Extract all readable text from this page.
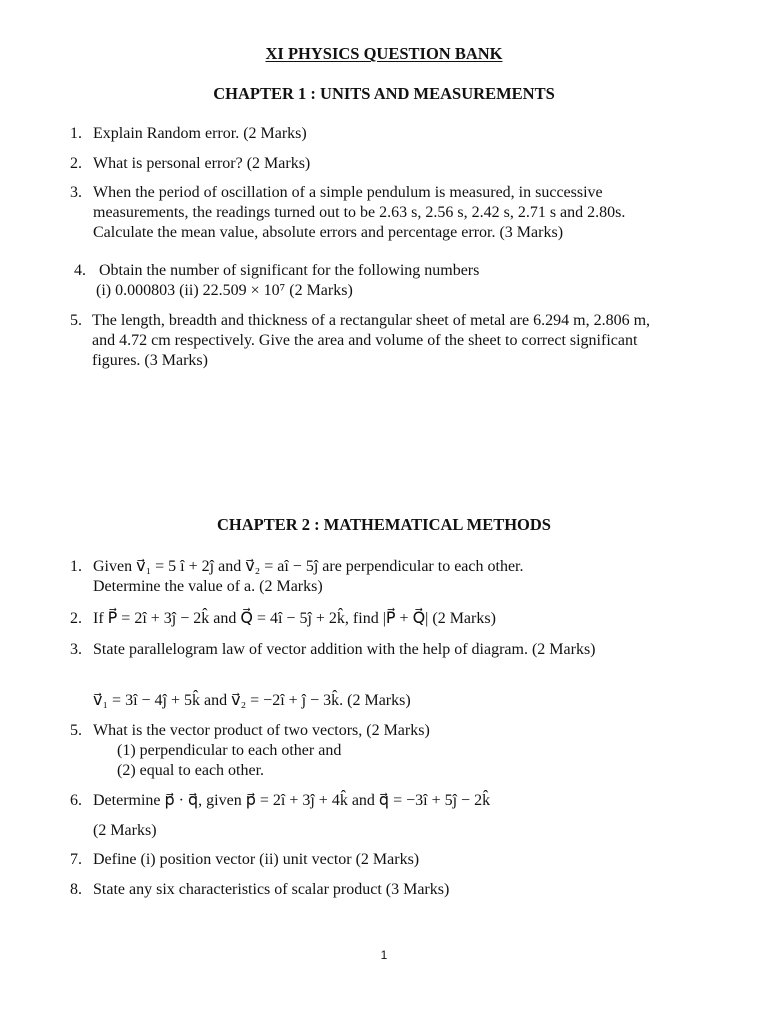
XI PHYSICS QUESTION BANK
CHAPTER 1 : UNITS AND MEASUREMENTS
1. Explain Random error. (2 Marks)
2. What is personal error? (2 Marks)
3. When the period of oscillation of a simple pendulum is measured, in successive
measurements, the readings turned out to be 2.63 s, 2.56 s, 2.42 s, 2.71 s and 2.80s.
Calculate the mean value, absolute errors and percentage error. (3 Marks)
4. Obtain the number of significant for the following numbers
(i) 0.000803 (ii) 22.509 × 10⁷ (2 Marks)
5. The length, breadth and thickness of a rectangular sheet of metal are 6.294 m, 2.806 m,
and 4.72 cm respectively. Give the area and volume of the sheet to correct significant
figures. (3 Marks)
CHAPTER 2 : MATHEMATICAL METHODS
1. Given v⃗₁ = 5 î + 2ĵ and v⃗₂ = aî − 5ĵ are perpendicular to each other.
Determine the value of a. (2 Marks)
2. If P⃗ = 2î + 3ĵ − 2k̂ and Q⃗ = 4î − 5ĵ + 2k̂, find |P⃗ + Q⃗| (2 Marks)
3. State parallelogram law of vector addition with the help of diagram. (2 Marks)
v⃗₁ = 3î − 4ĵ + 5k̂ and v⃗₂ = −2î + ĵ − 3k̂. (2 Marks)
5. What is the vector product of two vectors, (2 Marks)
(1) perpendicular to each other and
(2) equal to each other.
6. Determine p⃗ · q⃗, given p⃗ = 2î + 3ĵ + 4k̂ and q⃗ = −3î + 5ĵ − 2k̂
(2 Marks)
7. Define (i) position vector (ii) unit vector (2 Marks)
8. State any six characteristics of scalar product (3 Marks)
1
